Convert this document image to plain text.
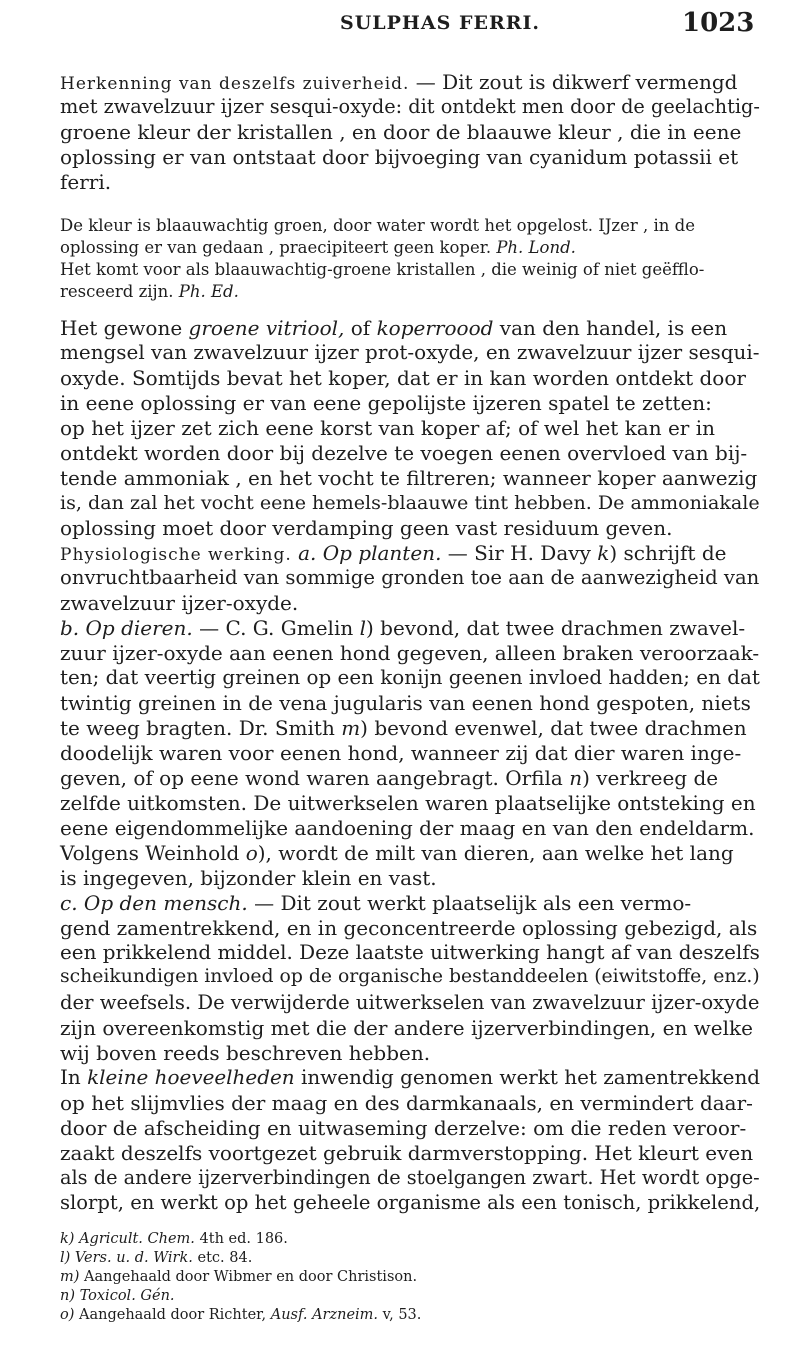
SULPHAS FERRI.	1023
Herkenning van deszelfs zuiverheid. — Dit zout is dikwerf vermengd
met zwavelzuur ijzer sesqui-oxyde: dit ontdekt men door de geelachtig-
groene kleur der kristallen , en door de blaauwe kleur , die in eene
oplossing er van ontstaat door bijvoeging van cyanidum potassii et
ferri.
De kleur is blaauwachtig groen, door water wordt het opgelost. IJzer , in de
oplossing er van gedaan , praecipiteert geen koper. Ph. Lond.
Het komt voor als blaauwachtig-groene kristallen , die weinig of niet geëfflo-
resceerd zijn. Ph. Ed.
Het gewone groene vitriool, of koperroood van den handel, is een
mengsel van zwavelzuur ijzer prot-oxyde, en zwavelzuur ijzer sesqui-
oxyde. Somtijds bevat het koper, dat er in kan worden ontdekt door
in eene oplossing er van eene gepolijste ijzeren spatel te zetten:
op het ijzer zet zich eene korst van koper af; of wel het kan er in
ontdekt worden door bij dezelve te voegen eenen overvloed van bij-
tende ammoniak , en het vocht te filtreren; wanneer koper aanwezig
is, dan zal het vocht eene hemels-blaauwe tint hebben. De ammoniakale
oplossing moet door verdamping geen vast residuum geven.
Physiologische werking. a. Op planten. — Sir H. Davy k) schrijft de
onvruchtbaarheid van sommige gronden toe aan de aanwezigheid van
zwavelzuur ijzer-oxyde.
b. Op dieren. — C. G. Gmelin l) bevond, dat twee drachmen zwavel-
zuur ijzer-oxyde aan eenen hond gegeven, alleen braken veroorzaak-
ten; dat veertig greinen op een konijn geenen invloed hadden; en dat
twintig greinen in de vena jugularis van eenen hond gespoten, niets
te weeg bragten. Dr. Smith m) bevond evenwel, dat twee drachmen
doodelijk waren voor eenen hond, wanneer zij dat dier waren inge-
geven, of op eene wond waren aangebragt. Orfila n) verkreeg de
zelfde uitkomsten. De uitwerkselen waren plaatselijke ontsteking en
eene eigendommelijke aandoening der maag en van den endeldarm.
Volgens Weinhold o), wordt de milt van dieren, aan welke het lang
is ingegeven, bijzonder klein en vast.
c. Op den mensch. — Dit zout werkt plaatselijk als een vermo-
gend zamentrekkend, en in geconcentreerde oplossing gebezigd, als
een prikkelend middel. Deze laatste uitwerking hangt af van deszelfs
scheikundigen invloed op de organische bestanddeelen (eiwitstoffe, enz.)
der weefsels. De verwijderde uitwerkselen van zwavelzuur ijzer-oxyde
zijn overeenkomstig met die der andere ijzerverbindingen, en welke
wij boven reeds beschreven hebben.
In kleine hoeveelheden inwendig genomen werkt het zamentrekkend
op het slijmvlies der maag en des darmkanaals, en vermindert daar-
door de afscheiding en uitwaseming derzelve: om die reden veroor-
zaakt deszelfs voortgezet gebruik darmverstopping. Het kleurt even
als de andere ijzerverbindingen de stoelgangen zwart. Het wordt opge-
slorpt, en werkt op het geheele organisme als een tonisch, prikkelend,
k) Agricult. Chem. 4th ed. 186.
l) Vers. u. d. Wirk. etc. 84.
m) Aangehaald door Wibmer en door Christison.
n) Toxicol. Gén.
o) Aangehaald door Richter, Ausf. Arzneim. v, 53.
